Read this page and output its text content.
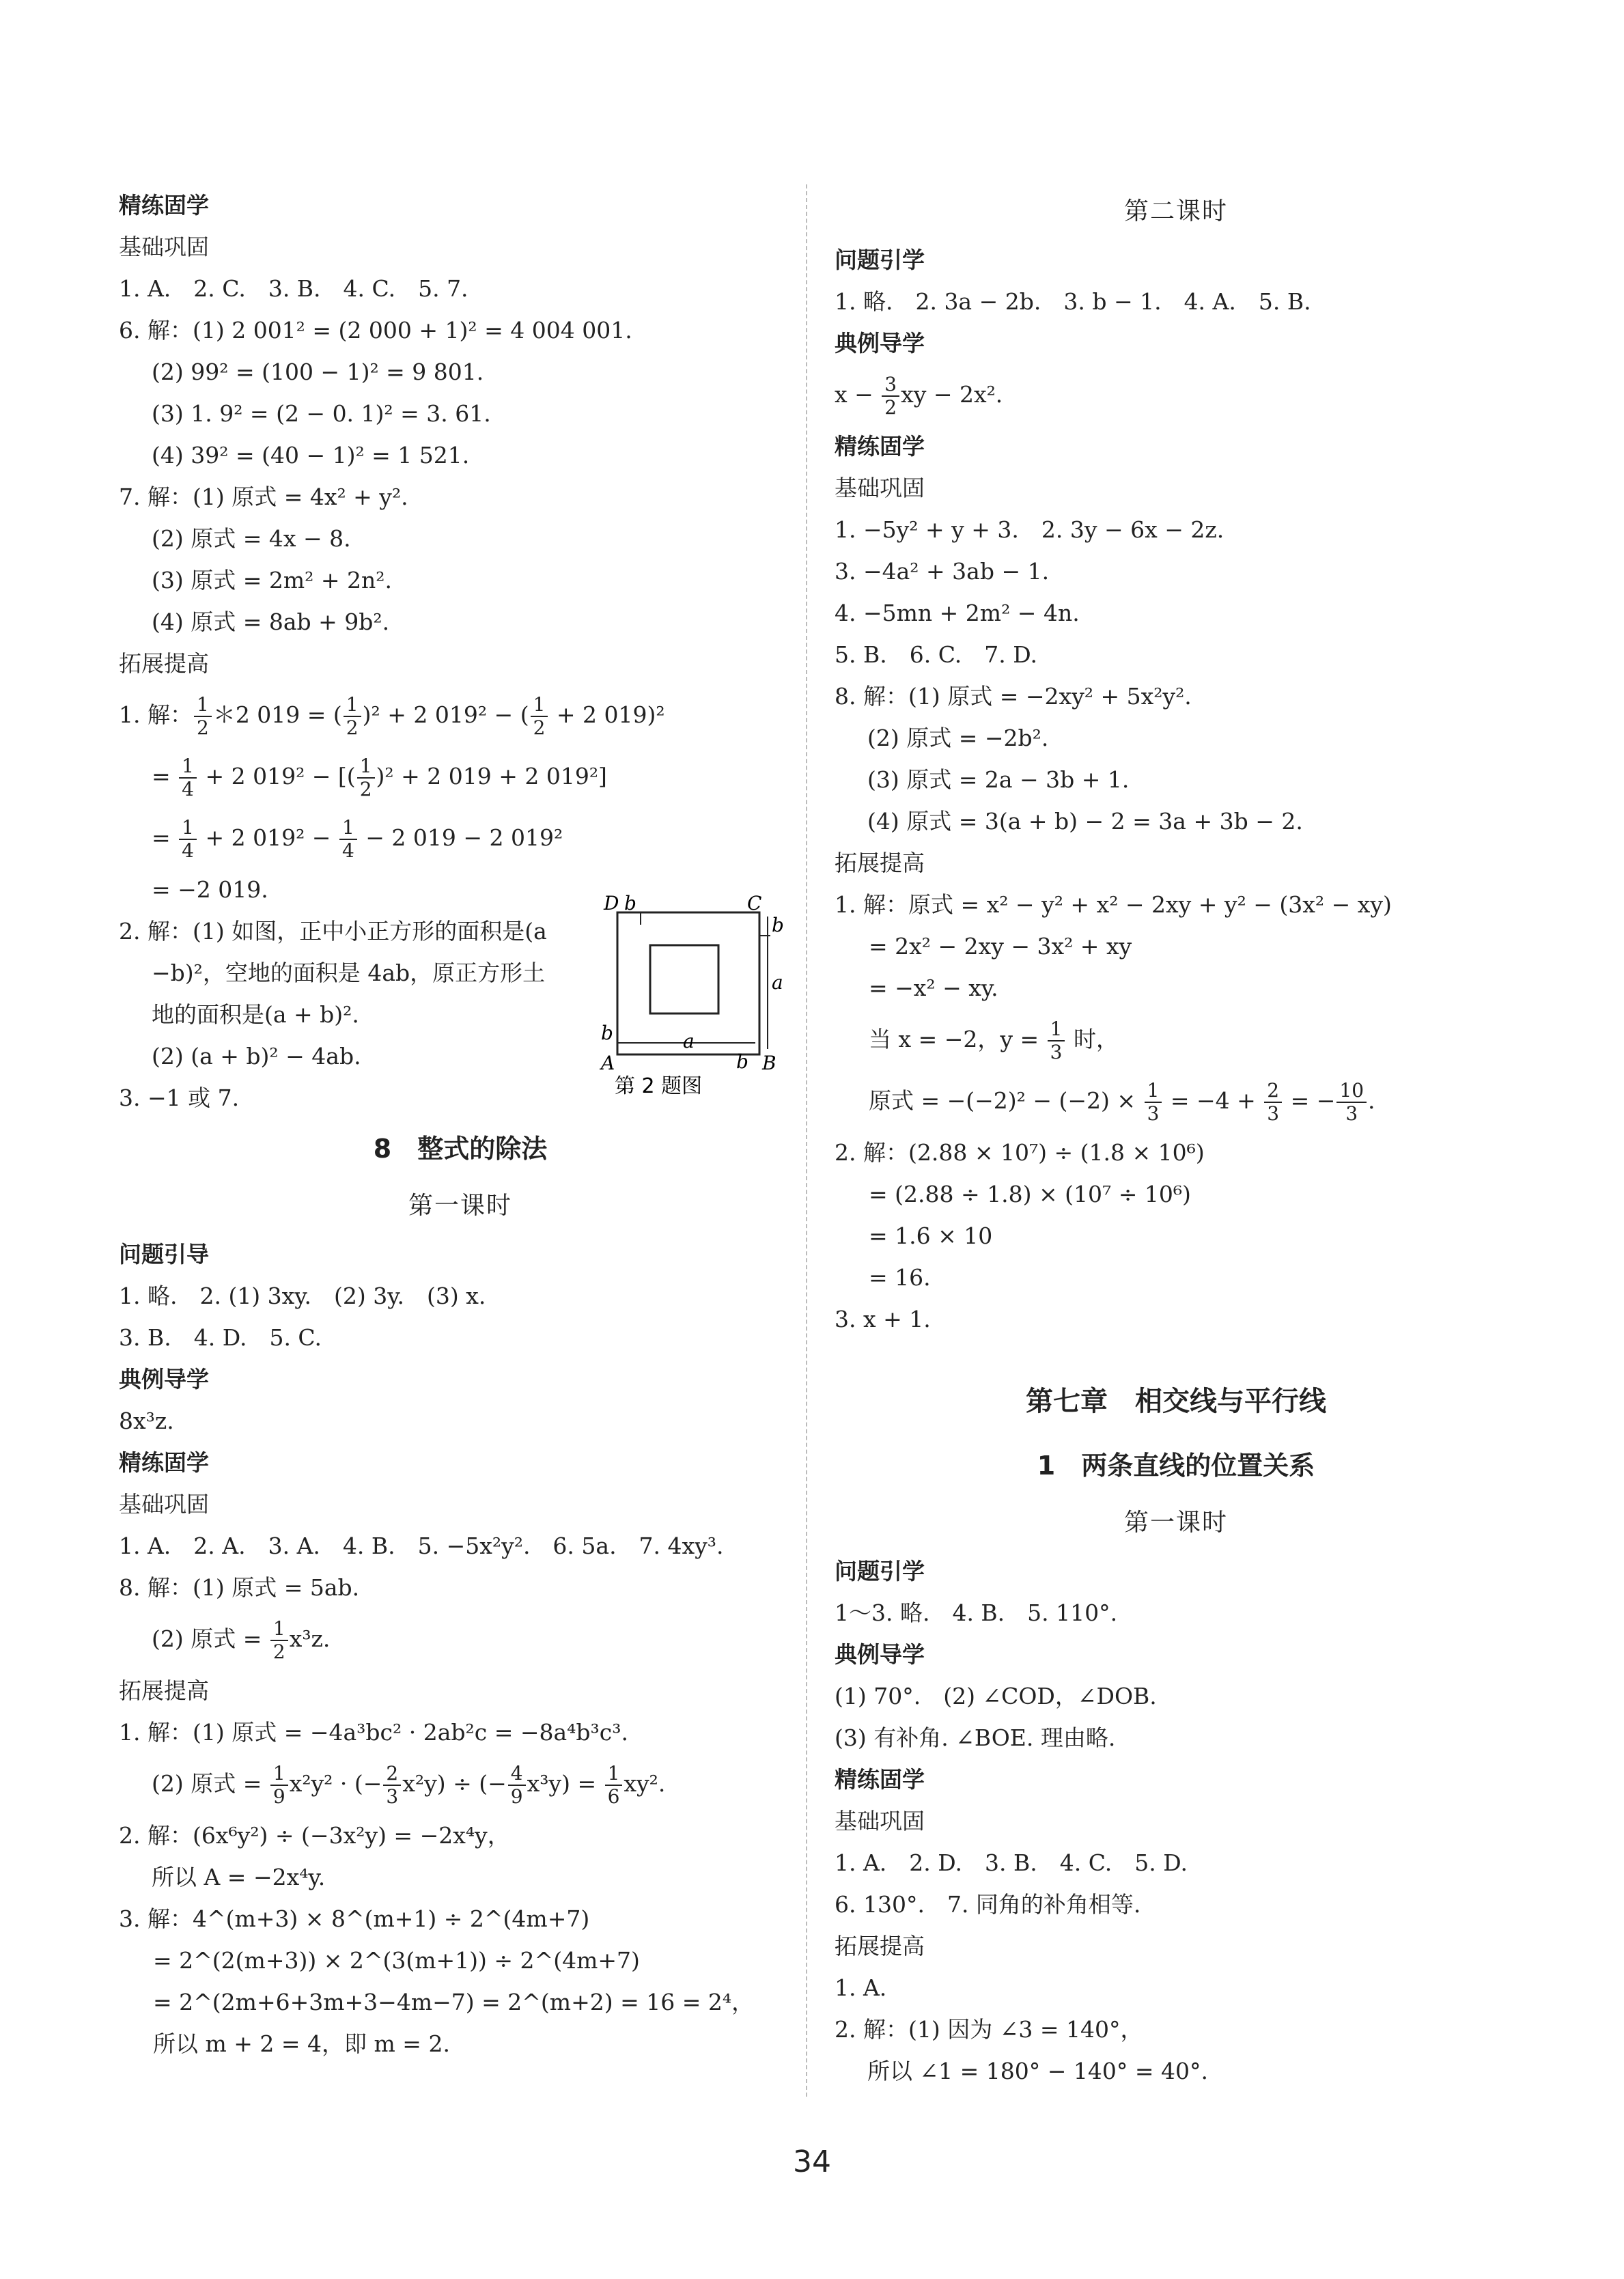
精练固学
基础巩固
1. A.　2. C.　3. B.　4. C.　5. 7.
6. 解：(1) 2 001² = (2 000 + 1)² = 4 004 001.
(2) 99² = (100 − 1)² = 9 801.
(3) 1. 9² = (2 − 0. 1)² = 3. 61.
(4) 39² = (40 − 1)² = 1 521.
7. 解：(1) 原式 = 4x² + y².
(2) 原式 = 4x − 8.
(3) 原式 = 2m² + 2n².
(4) 原式 = 8ab + 9b².
拓展提高
1. 解： $\frac{1}{2}$ ＊2 019 = ( $\frac{1}{2} )^2 + 2$ 019² − ( $\frac{1}{2} + 2$ 019)²
= $\frac{1}{4} + 2$ 019² − [( $\frac{1}{2} )^2 + 2$ 019 + 2 019²]
= $\frac{1}{4} + 2$ $019^2 - \frac{1}{4} - 2$ 019 − 2 019²
= −2 019.
2. 解：(1) 如图，正中小正方形的面积是(a
−b)²，空地的面积是 4ab，原正方形土
地的面积是(a + b)².
(2) (a + b)² − 4ab.
3. −1 或 7.
8　整式的除法
第一课时
问题引导
1. 略.　2. (1) 3xy.　(2) 3y.　(3) x.
3. B.　4. D.　5. C.
典例导学
8x³z.
精练固学
基础巩固
1. A.　2. A.　3. A.　4. B.　5. −5x²y².　6. 5a.　7. 4xy³.
8. 解：(1) 原式 = 5ab.
(2) 原式 = $\frac{1}{2} x^3z$.
拓展提高
1. 解：(1) 原式 = −4a³bc² · 2ab²c = −8a⁴b³c³.
(2) 原式 = $\frac{1}{9} x^2y^2$ · (− $\frac{2}{3} x^2y$) ÷ (− $\frac{4}{9} x^3y) = \frac{1}{6} xy^2$.
2. 解：(6x⁶y²) ÷ (−3x²y) = −2x⁴y，
所以 A = −2x⁴y.
3. 解：4^(m+3) × 8^(m+1) ÷ 2^(4m+7)
= 2^(2(m+3)) × 2^(3(m+1)) ÷ 2^(4m+7)
= 2^(2m+6+3m+3−4m−7) = 2^(m+2) = 16 = 2⁴，
所以 m + 2 = 4，即 m = 2.
D b	C
b
a
b	a
b
A	B
第 2 题图
第二课时
问题引学
1. 略.　2. 3a − 2b.　3. b − 1.　4. A.　5. B.
典例导学
$x - \frac{3}{2}$ xy − 2x².
精练固学
基础巩固
1. −5y² + y + 3.　2. 3y − 6x − 2z.
3. −4a² + 3ab − 1.
4. −5mn + 2m² − 4n.
5. B.　6. C.　7. D.
8. 解：(1) 原式 = −2xy² + 5x²y².
(2) 原式 = −2b².
(3) 原式 = 2a − 3b + 1.
(4) 原式 = 3(a + b) − 2 = 3a + 3b − 2.
拓展提高
1. 解：原式 = x² − y² + x² − 2xy + y² − (3x² − xy)
= 2x² − 2xy − 3x² + xy
= −x² − xy.
当 x = −2，$y = \frac{1}{3}$ 时，
原式 = $-(-2)^2 - (-2) \times \frac{1}{3} = -4 + \frac{2}{3}$ = − $\frac{10}{3}$ .
2. 解：(2.88 × 10⁷) ÷ (1.8 × 10⁶)
= (2.88 ÷ 1.8) × (10⁷ ÷ 10⁶)
= 1.6 × 10
= 16.
3. x + 1.
第七章　相交线与平行线
1　两条直线的位置关系
第一课时
问题引学
1～3. 略.　4. B.　5. 110°.
典例导学
(1) 70°.　(2) ∠COD，∠DOB.
(3) 有补角. ∠BOE. 理由略.
精练固学
基础巩固
1. A.　2. D.　3. B.　4. C.　5. D.
6. 130°.　7. 同角的补角相等.
拓展提高
1. A.
2. 解：(1) 因为 ∠3 = 140°，
所以 ∠1 = 180° − 140° = 40°.
34
